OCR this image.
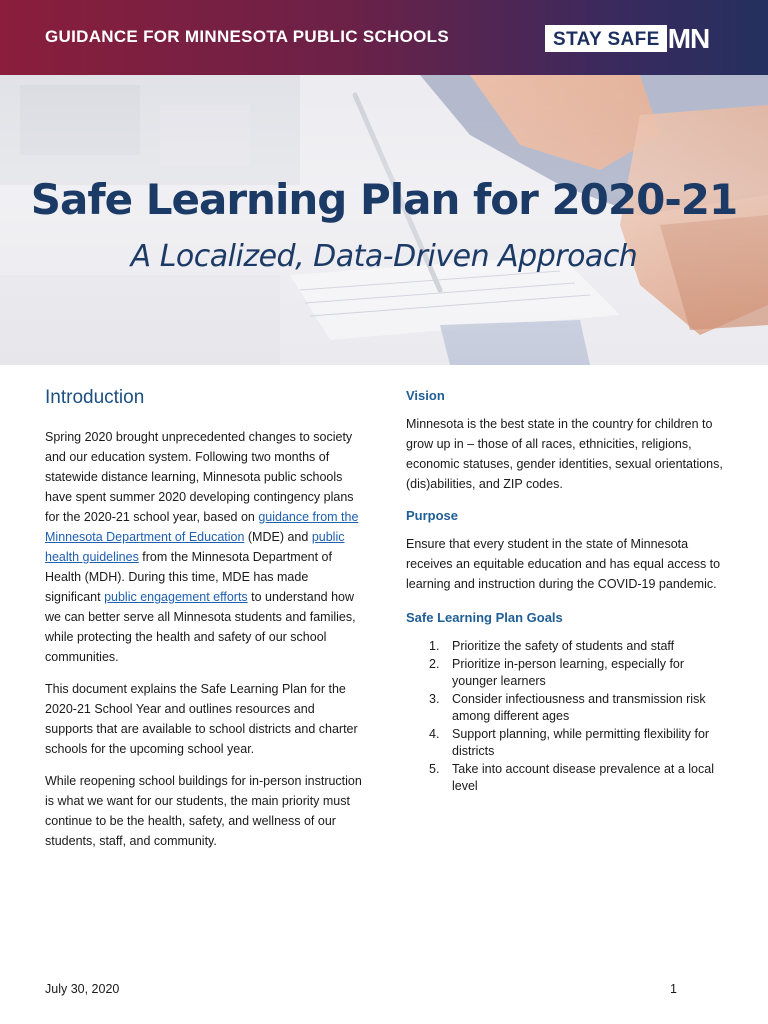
GUIDANCE FOR MINNESOTA PUBLIC SCHOOLS	STAY SAFE MN
Safe Learning Plan for 2020-21
A Localized, Data-Driven Approach
Introduction

Spring 2020 brought unprecedented changes to society and our education system. Following two months of statewide distance learning, Minnesota public schools have spent summer 2020 developing contingency plans for the 2020-21 school year, based on guidance from the Minnesota Department of Education (MDE) and public health guidelines from the Minnesota Department of Health (MDH). During this time, MDE has made significant public engagement efforts to understand how we can better serve all Minnesota students and families, while protecting the health and safety of our school communities.

This document explains the Safe Learning Plan for the 2020-21 School Year and outlines resources and supports that are available to school districts and charter schools for the upcoming school year.

While reopening school buildings for in-person instruction is what we want for our students, the main priority must continue to be the health, safety, and wellness of our students, staff, and community.

Vision

Minnesota is the best state in the country for children to grow up in – those of all races, ethnicities, religions, economic statuses, gender identities, sexual orientations, (dis)abilities, and ZIP codes.

Purpose

Ensure that every student in the state of Minnesota receives an equitable education and has equal access to learning and instruction during the COVID-19 pandemic.

Safe Learning Plan Goals
1.	Prioritize the safety of students and staff
2.	Prioritize in-person learning, especially for younger learners
3.	Consider infectiousness and transmission risk among different ages
4.	Support planning, while permitting flexibility for districts
5.	Take into account disease prevalence at a local level
July 30, 2020	1
